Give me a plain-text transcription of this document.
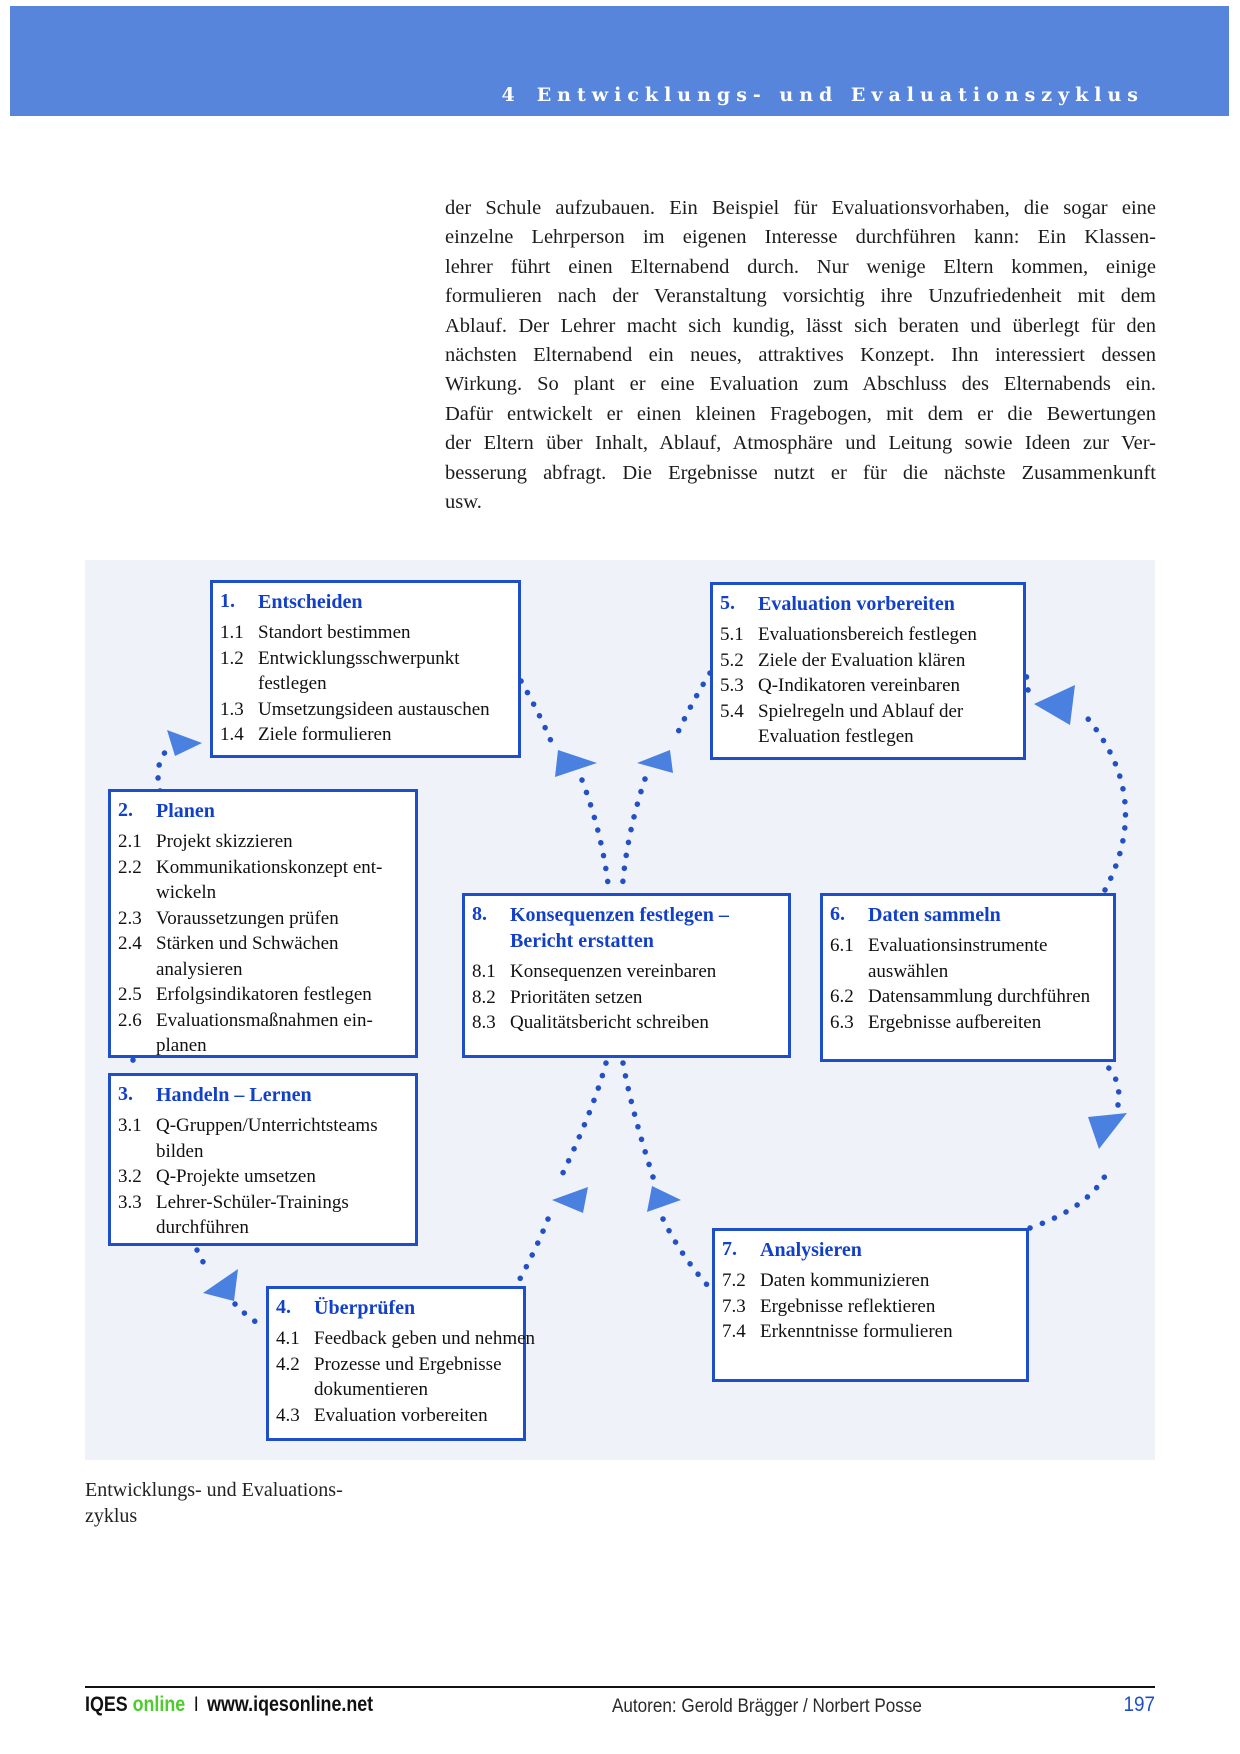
4 Entwicklungs- und Evaluationszyklus
der Schule aufzubauen. Ein Beispiel für Evaluationsvorhaben, die sogar eine
einzelne Lehrperson im eigenen Interesse durchführen kann: Ein Klassen-
lehrer führt einen Elternabend durch. Nur wenige Eltern kommen, einige
formulieren nach der Veranstaltung vorsichtig ihre Unzufriedenheit mit dem
Ablauf. Der Lehrer macht sich kundig, lässt sich beraten und überlegt für den
nächsten Elternabend ein neues, attraktives Konzept. Ihn interessiert dessen
Wirkung. So plant er eine Evaluation zum Abschluss des Elternabends ein.
Dafür entwickelt er einen kleinen Fragebogen, mit dem er die Bewertungen
der Eltern über Inhalt, Ablauf, Atmosphäre und Leitung sowie Ideen zur Ver-
besserung abfragt. Die Ergebnisse nutzt er für die nächste Zusammenkunft
usw.
1.	Entscheiden
1.1 Standort bestimmen
1.2 Entwicklungsschwerpunkt
festlegen
1.3 Umsetzungsideen austauschen
1.4 Ziele formulieren
2.	Planen
2.1 Projekt skizzieren
2.2 Kommunikationskonzept ent-
wickeln
2.3 Voraussetzungen prüfen
2.4 Stärken und Schwächen
analysieren
2.5 Erfolgsindikatoren festlegen
2.6 Evaluationsmaßnahmen ein-
planen
3.	Handeln – Lernen
3.1 Q-Gruppen/Unterrichtsteams
bilden
3.2 Q-Projekte umsetzen
3.3 Lehrer-Schüler-Trainings
durchführen
4.	Überprüfen
4.1 Feedback geben und nehmen
4.2 Prozesse und Ergebnisse
dokumentieren
4.3 Evaluation vorbereiten
5.	Evaluation vorbereiten
5.1 Evaluationsbereich festlegen
5.2 Ziele der Evaluation klären
5.3 Q-Indikatoren vereinbaren
5.4 Spielregeln und Ablauf der
Evaluation festlegen
6.	Daten sammeln
6.1 Evaluationsinstrumente
auswählen
6.2 Datensammlung durchführen
6.3 Ergebnisse aufbereiten
7.	Analysieren
7.2 Daten kommunizieren
7.3 Ergebnisse reflektieren
7.4 Erkenntnisse formulieren
8.	Konsequenzen festlegen –
Bericht erstatten
8.1 Konsequenzen vereinbaren
8.2 Prioritäten setzen
8.3 Qualitätsbericht schreiben
Entwicklungs- und Evaluations-
zyklus
IQES online I www.iqesonline.net	Autoren: Gerold Brägger / Norbert Posse	197
